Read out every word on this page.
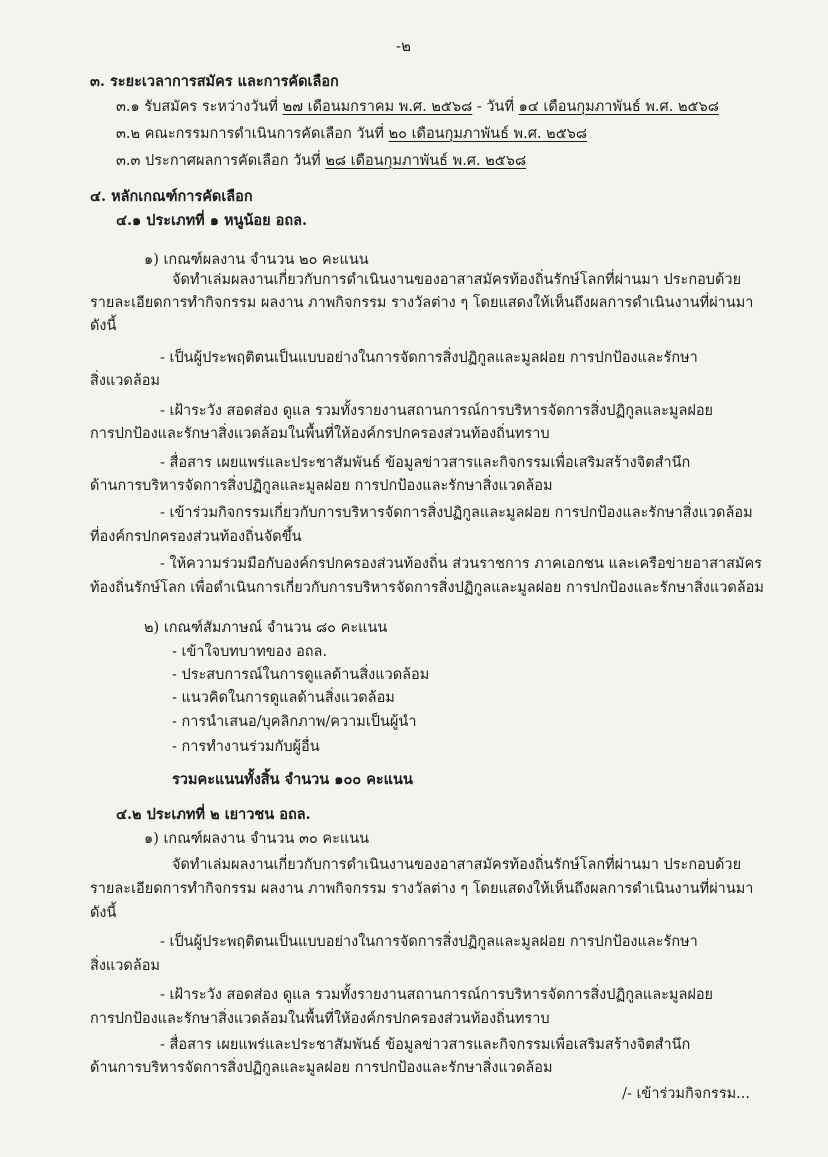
-๒
๓. ระยะเวลาการสมัคร และการคัดเลือก
๓.๑ รับสมัคร ระหว่างวันที่ ๒๗ เดือนมกราคม พ.ศ. ๒๕๖๘ - วันที่ ๑๔ เดือนกุมภาพันธ์ พ.ศ. ๒๕๖๘
๓.๒ คณะกรรมการดำเนินการคัดเลือก วันที่ ๒๐ เดือนกุมภาพันธ์ พ.ศ. ๒๕๖๘
๓.๓ ประกาศผลการคัดเลือก วันที่ ๒๘ เดือนกุมภาพันธ์ พ.ศ. ๒๕๖๘
๔. หลักเกณฑ์การคัดเลือก
๔.๑ ประเภทที่ ๑ หนูน้อย อถล.
๑) เกณฑ์ผลงาน จำนวน ๒๐ คะแนน
จัดทำเล่มผลงานเกี่ยวกับการดำเนินงานของอาสาสมัครท้องถิ่นรักษ์โลกที่ผ่านมา ประกอบด้วย
รายละเอียดการทำกิจกรรม ผลงาน ภาพกิจกรรม รางวัลต่าง ๆ โดยแสดงให้เห็นถึงผลการดำเนินงานที่ผ่านมา
ดังนี้
- เป็นผู้ประพฤติตนเป็นแบบอย่างในการจัดการสิ่งปฏิกูลและมูลฝอย การปกป้องและรักษา
สิ่งแวดล้อม
- เฝ้าระวัง สอดส่อง ดูแล รวมทั้งรายงานสถานการณ์การบริหารจัดการสิ่งปฏิกูลและมูลฝอย
การปกป้องและรักษาสิ่งแวดล้อมในพื้นที่ให้องค์กรปกครองส่วนท้องถิ่นทราบ
- สื่อสาร เผยแพร่และประชาสัมพันธ์ ข้อมูลข่าวสารและกิจกรรมเพื่อเสริมสร้างจิตสำนึก
ด้านการบริหารจัดการสิ่งปฏิกูลและมูลฝอย การปกป้องและรักษาสิ่งแวดล้อม
- เข้าร่วมกิจกรรมเกี่ยวกับการบริหารจัดการสิ่งปฏิกูลและมูลฝอย การปกป้องและรักษาสิ่งแวดล้อม
ที่องค์กรปกครองส่วนท้องถิ่นจัดขึ้น
- ให้ความร่วมมือกับองค์กรปกครองส่วนท้องถิ่น ส่วนราชการ ภาคเอกชน และเครือข่ายอาสาสมัคร
ท้องถิ่นรักษ์โลก เพื่อดำเนินการเกี่ยวกับการบริหารจัดการสิ่งปฏิกูลและมูลฝอย การปกป้องและรักษาสิ่งแวดล้อม
๒) เกณฑ์สัมภาษณ์ จำนวน ๘๐ คะแนน
- เข้าใจบทบาทของ อถล.
- ประสบการณ์ในการดูแลด้านสิ่งแวดล้อม
- แนวคิดในการดูแลด้านสิ่งแวดล้อม
- การนำเสนอ/บุคลิกภาพ/ความเป็นผู้นำ
- การทำงานร่วมกับผู้อื่น
รวมคะแนนทั้งสิ้น จำนวน ๑๐๐ คะแนน
๔.๒ ประเภทที่ ๒ เยาวชน อถล.
๑) เกณฑ์ผลงาน จำนวน ๓๐ คะแนน
จัดทำเล่มผลงานเกี่ยวกับการดำเนินงานของอาสาสมัครท้องถิ่นรักษ์โลกที่ผ่านมา ประกอบด้วย
รายละเอียดการทำกิจกรรม ผลงาน ภาพกิจกรรม รางวัลต่าง ๆ โดยแสดงให้เห็นถึงผลการดำเนินงานที่ผ่านมา
ดังนี้
- เป็นผู้ประพฤติตนเป็นแบบอย่างในการจัดการสิ่งปฏิกูลและมูลฝอย การปกป้องและรักษา
สิ่งแวดล้อม
- เฝ้าระวัง สอดส่อง ดูแล รวมทั้งรายงานสถานการณ์การบริหารจัดการสิ่งปฏิกูลและมูลฝอย
การปกป้องและรักษาสิ่งแวดล้อมในพื้นที่ให้องค์กรปกครองส่วนท้องถิ่นทราบ
- สื่อสาร เผยแพร่และประชาสัมพันธ์ ข้อมูลข่าวสารและกิจกรรมเพื่อเสริมสร้างจิตสำนึก
ด้านการบริหารจัดการสิ่งปฏิกูลและมูลฝอย การปกป้องและรักษาสิ่งแวดล้อม
/- เข้าร่วมกิจกรรม...
